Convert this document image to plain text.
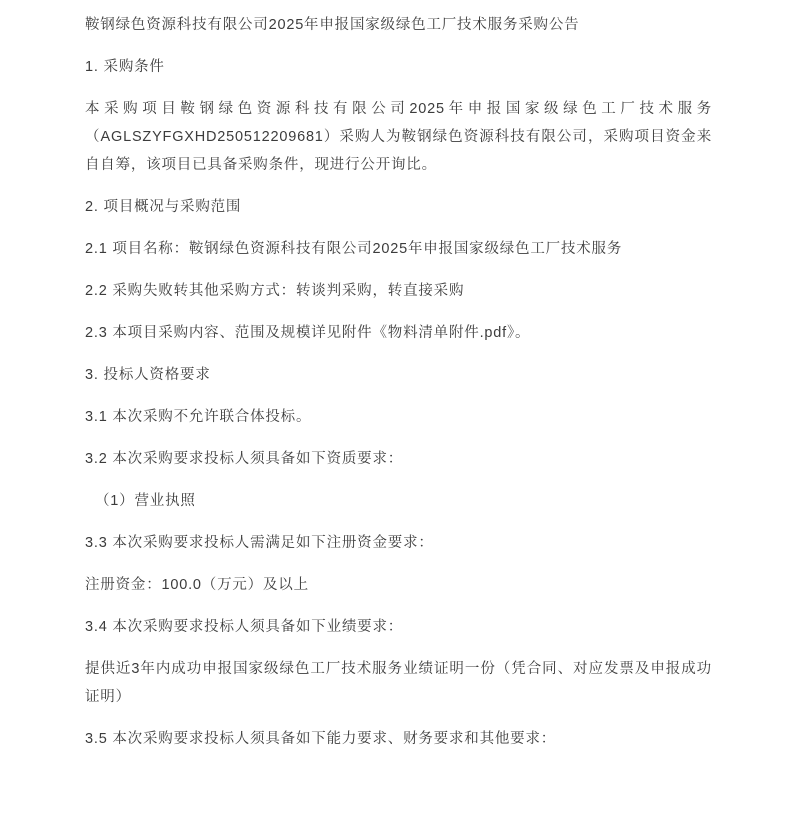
鞍钢绿色资源科技有限公司2025年申报国家级绿色工厂技术服务采购公告

1. 采购条件

本采购项目鞍钢绿色资源科技有限公司2025年申报国家级绿色工厂技术服务（AGLSZYFGXHD250512209681）采购人为鞍钢绿色资源科技有限公司，采购项目资金来自自筹，该项目已具备采购条件，现进行公开询比。

2. 项目概况与采购范围

2.1 项目名称：鞍钢绿色资源科技有限公司2025年申报国家级绿色工厂技术服务

2.2 采购失败转其他采购方式：转谈判采购，转直接采购

2.3 本项目采购内容、范围及规模详见附件《物料清单附件.pdf》。

3. 投标人资格要求

3.1 本次采购不允许联合体投标。

3.2 本次采购要求投标人须具备如下资质要求：

（1）营业执照

3.3 本次采购要求投标人需满足如下注册资金要求：

注册资金：100.0（万元）及以上

3.4 本次采购要求投标人须具备如下业绩要求：

提供近3年内成功申报国家级绿色工厂技术服务业绩证明一份（凭合同、对应发票及申报成功证明）

3.5 本次采购要求投标人须具备如下能力要求、财务要求和其他要求：
